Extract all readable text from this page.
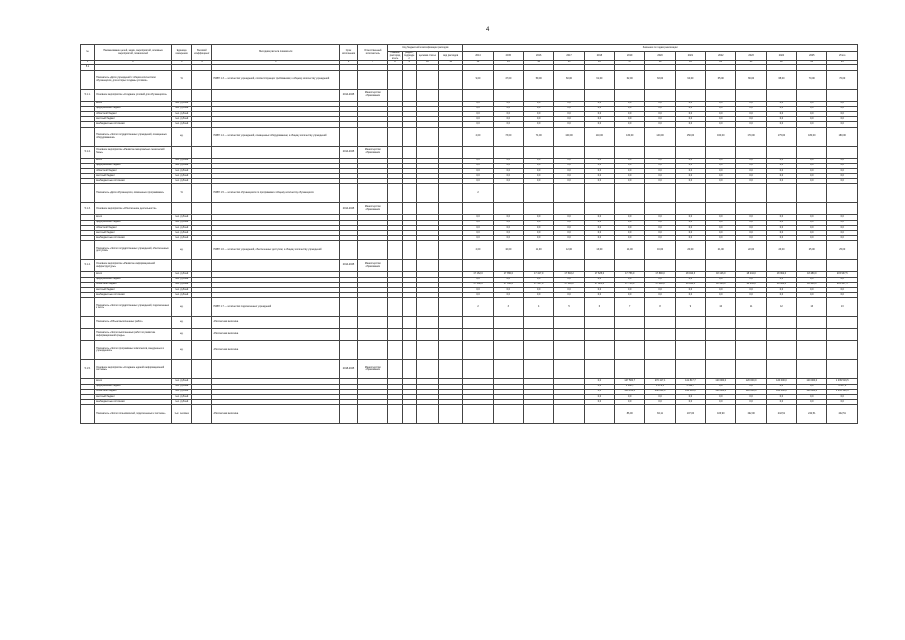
4
№	Наименование целей, задач, мероприятий, основных мероприятий, показателей	Единица измерения	Весовой коэффициент	Методика расчета показателя	Срок исполнения	Ответственный исполнитель	Код бюджетной классификации расходов				Значения по годам реализации												
							главный распорядитель	раздел, подраздел	целевая статья	вид расходов	2014	2015	2016	2017	2018	2019	2020	2021	2022	2023	2024	2025	Итого
1	2	3	4	5	6	7	8	9	10	11	12	13	14	15	16	17	18	19	20	21	22	23	24
5.1																							
	Показатель «Доля учреждений с общим количеством обучающихся, для которых созданы условия»	%		НКВП 1.3 — количество учреждений, соответствующих требованиям; к общему количеству учреждений							9,00	47,00	59,00	60,00	61,00	62,00	63,00	64,00	65,00	66,00	68,00	70,00	70,00
5.1.1.	Основное мероприятие «Создание условий для обучающихся»				2014-2025	Министерство образования																	
	всего	тыс. рублей									0,0	0,0	0,0	0,0	0,0	0,0	0,0	0,0	0,0	0,0	0,0	0,0	0,0
	федеральный бюджет	тыс. рублей									0,0	0,0	0,0	0,0	0,0	0,0	0,0	0,0	0,0	0,0	0,0	0,0	0,0
	областной бюджет	тыс. рублей									0,0	0,0	0,0	0,0	0,0	0,0	0,0	0,0	0,0	0,0	0,0	0,0	0,0
	местный бюджет	тыс. рублей									0,0	0,0	0,0	0,0	0,0	0,0	0,0	0,0	0,0	0,0	0,0	0,0	0,0
	внебюджетные источники	тыс. рублей									0,0	0,0	0,0	0,0	0,0	0,0	0,0	0,0	0,0	0,0	0,0	0,0	0,0
	Показатель «Число государственных учреждений, оснащенных оборудованием»	ед.		НКВП 1.4 — количество учреждений, оснащенных оборудованием, к общему количеству учреждений							2,00	73,00	74,00	100,00	110,00	130,00	140,00	150,00	160,00	170,00	175,00	180,00	180,00
5.1.2.	Основное мероприятие «Развитие материально-технической базы»				2014-2025	Министерство образования																	
	всего	тыс. рублей									0,0	0,0	0,0	0,0	0,0	0,0	0,0	0,0	0,0	0,0	0,0	0,0	0,0
	федеральный бюджет	тыс. рублей									0,0	0,0	0,0	0,0	0,0	0,0	0,0	0,0	0,0	0,0	0,0	0,0	0,0
	областной бюджет	тыс. рублей									0,0	0,0	0,0	0,0	0,0	0,0	0,0	0,0	0,0	0,0	0,0	0,0	0,0
	местный бюджет	тыс. рублей									0,0	0,0	0,0	0,0	0,0	0,0	0,0	0,0	0,0	0,0	0,0	0,0	0,0
	внебюджетные источники	тыс. рублей									0,0	0,0	0,0	0,0	0,0	0,0	0,0	0,0	0,0	0,0	0,0	0,0	0,0
	Показатель «Доля обучающихся, охваченных программами»	%		НКВП 1.5 — количество обучающихся по программам к общему количеству обучающихся							2												
5.1.3.	Основное мероприятие «Обеспечение деятельности»				2014-2025	Министерство образования																	
	всего	тыс. рублей									0,0	0,0	0,0	0,0	0,0	0,0	0,0	0,0	0,0	0,0	0,0	0,0	0,0
	федеральный бюджет	тыс. рублей									0,0	0,0	0,0	0,0	0,0	0,0	0,0	0,0	0,0	0,0	0,0	0,0	0,0
	областной бюджет	тыс. рублей									0,0	0,0	0,0	0,0	0,0	0,0	0,0	0,0	0,0	0,0	0,0	0,0	0,0
	местный бюджет	тыс. рублей									0,0	0,0	0,0	0,0	0,0	0,0	0,0	0,0	0,0	0,0	0,0	0,0	0,0
	внебюджетные источники	тыс. рублей									0,0	0,0	0,0	0,0	0,0	0,0	0,0	0,0	0,0	0,0	0,0	0,0	0,0
	Показатель «Число государственных учреждений, обеспеченных доступом»	ед.		НКВП 1.6 — количество учреждений, обеспеченных доступом, к общему количеству учреждений							2,00	10,00	11,00	12,00	13,00	14,00	16,00	20,00	21,00	22,00	23,00	25,00	25,00
5.1.4.	Основное мероприятие «Развитие информационной инфраструктуры»				2014-2025	Министерство образования																	
	всего	тыс. рублей									17 162,0	17 350,0	17 417,0	17 518,2	17 625,0	17 753,0	17 890,0	18 010,3	18 126,0	18 244,0	18 362,0	18 480,0	215 937,5
	федеральный бюджет	тыс. рублей									0,0	0,0	0,0	0,0	0,0	0,0	0,0	0,0	0,0	0,0	0,0	0,0	0,0
	областной бюджет	тыс. рублей									17 162,0	17 350,0	17 417,0	17 518,2	17 625,0	17 753,0	17 890,0	18 010,3	18 126,0	18 244,0	18 362,0	18 480,0	215 937,5
	местный бюджет	тыс. рублей									0,0	0,0	0,0	0,0	0,0	0,0	0,0	0,0	0,0	0,0	0,0	0,0	0,0
	внебюджетные источники	тыс. рублей									0,0	0,0	0,0	0,0	0,0	0,0	0,0	0,0	0,0	0,0	0,0	0,0	0,0
	Показатель «Число государственных учреждений, подключенных к сети»	ед.		НКВП 1.7 — количество подключенных учреждений							2	3	4	5	6	7	8	9	10	11	12	13	13
	Показатель «Объем выполненных работ»	ед.		Абсолютная величина																			
	Показатель «Число выполненных работ по развитию информационной среды»	ед.		Абсолютная величина																			
	Показатель «Число программных комплексов, внедренных в учреждениях»	ед.		Абсолютная величина																			
5.1.5.	Основное мероприятие «Создание единой информационной системы»				2018-2025	Министерство образования																	
	всего	тыс. рублей													0,0	147 584,7	270 117,1	141 817,7	120 000,0	120 000,0	120 000,0	120 000,0	1 039 519,5
	федеральный бюджет	тыс. рублей													0,0	1 132,7	2 072,5	1 132,7	0,0	0,0	0,0	0,0	4 337,9
	областной бюджет	тыс. рублей													0,0	146 452,0	268 044,6	140 685,0	120 000,0	120 000,0	120 000,0	120 000,0	1 035 181,6
	местный бюджет	тыс. рублей													0,0	0,0	0,0	0,0	0,0	0,0	0,0	0,0	0,0
	внебюджетные источники	тыс. рублей													0,0	0,0	0,0	0,0	0,0	0,0	0,0	0,0	0,0
	Показатель «Число пользователей, подключенных к системе»	тыс. человек		Абсолютная величина												86,00	84,11	107,00	106,90	192,00	242,51	242,51	242,51
